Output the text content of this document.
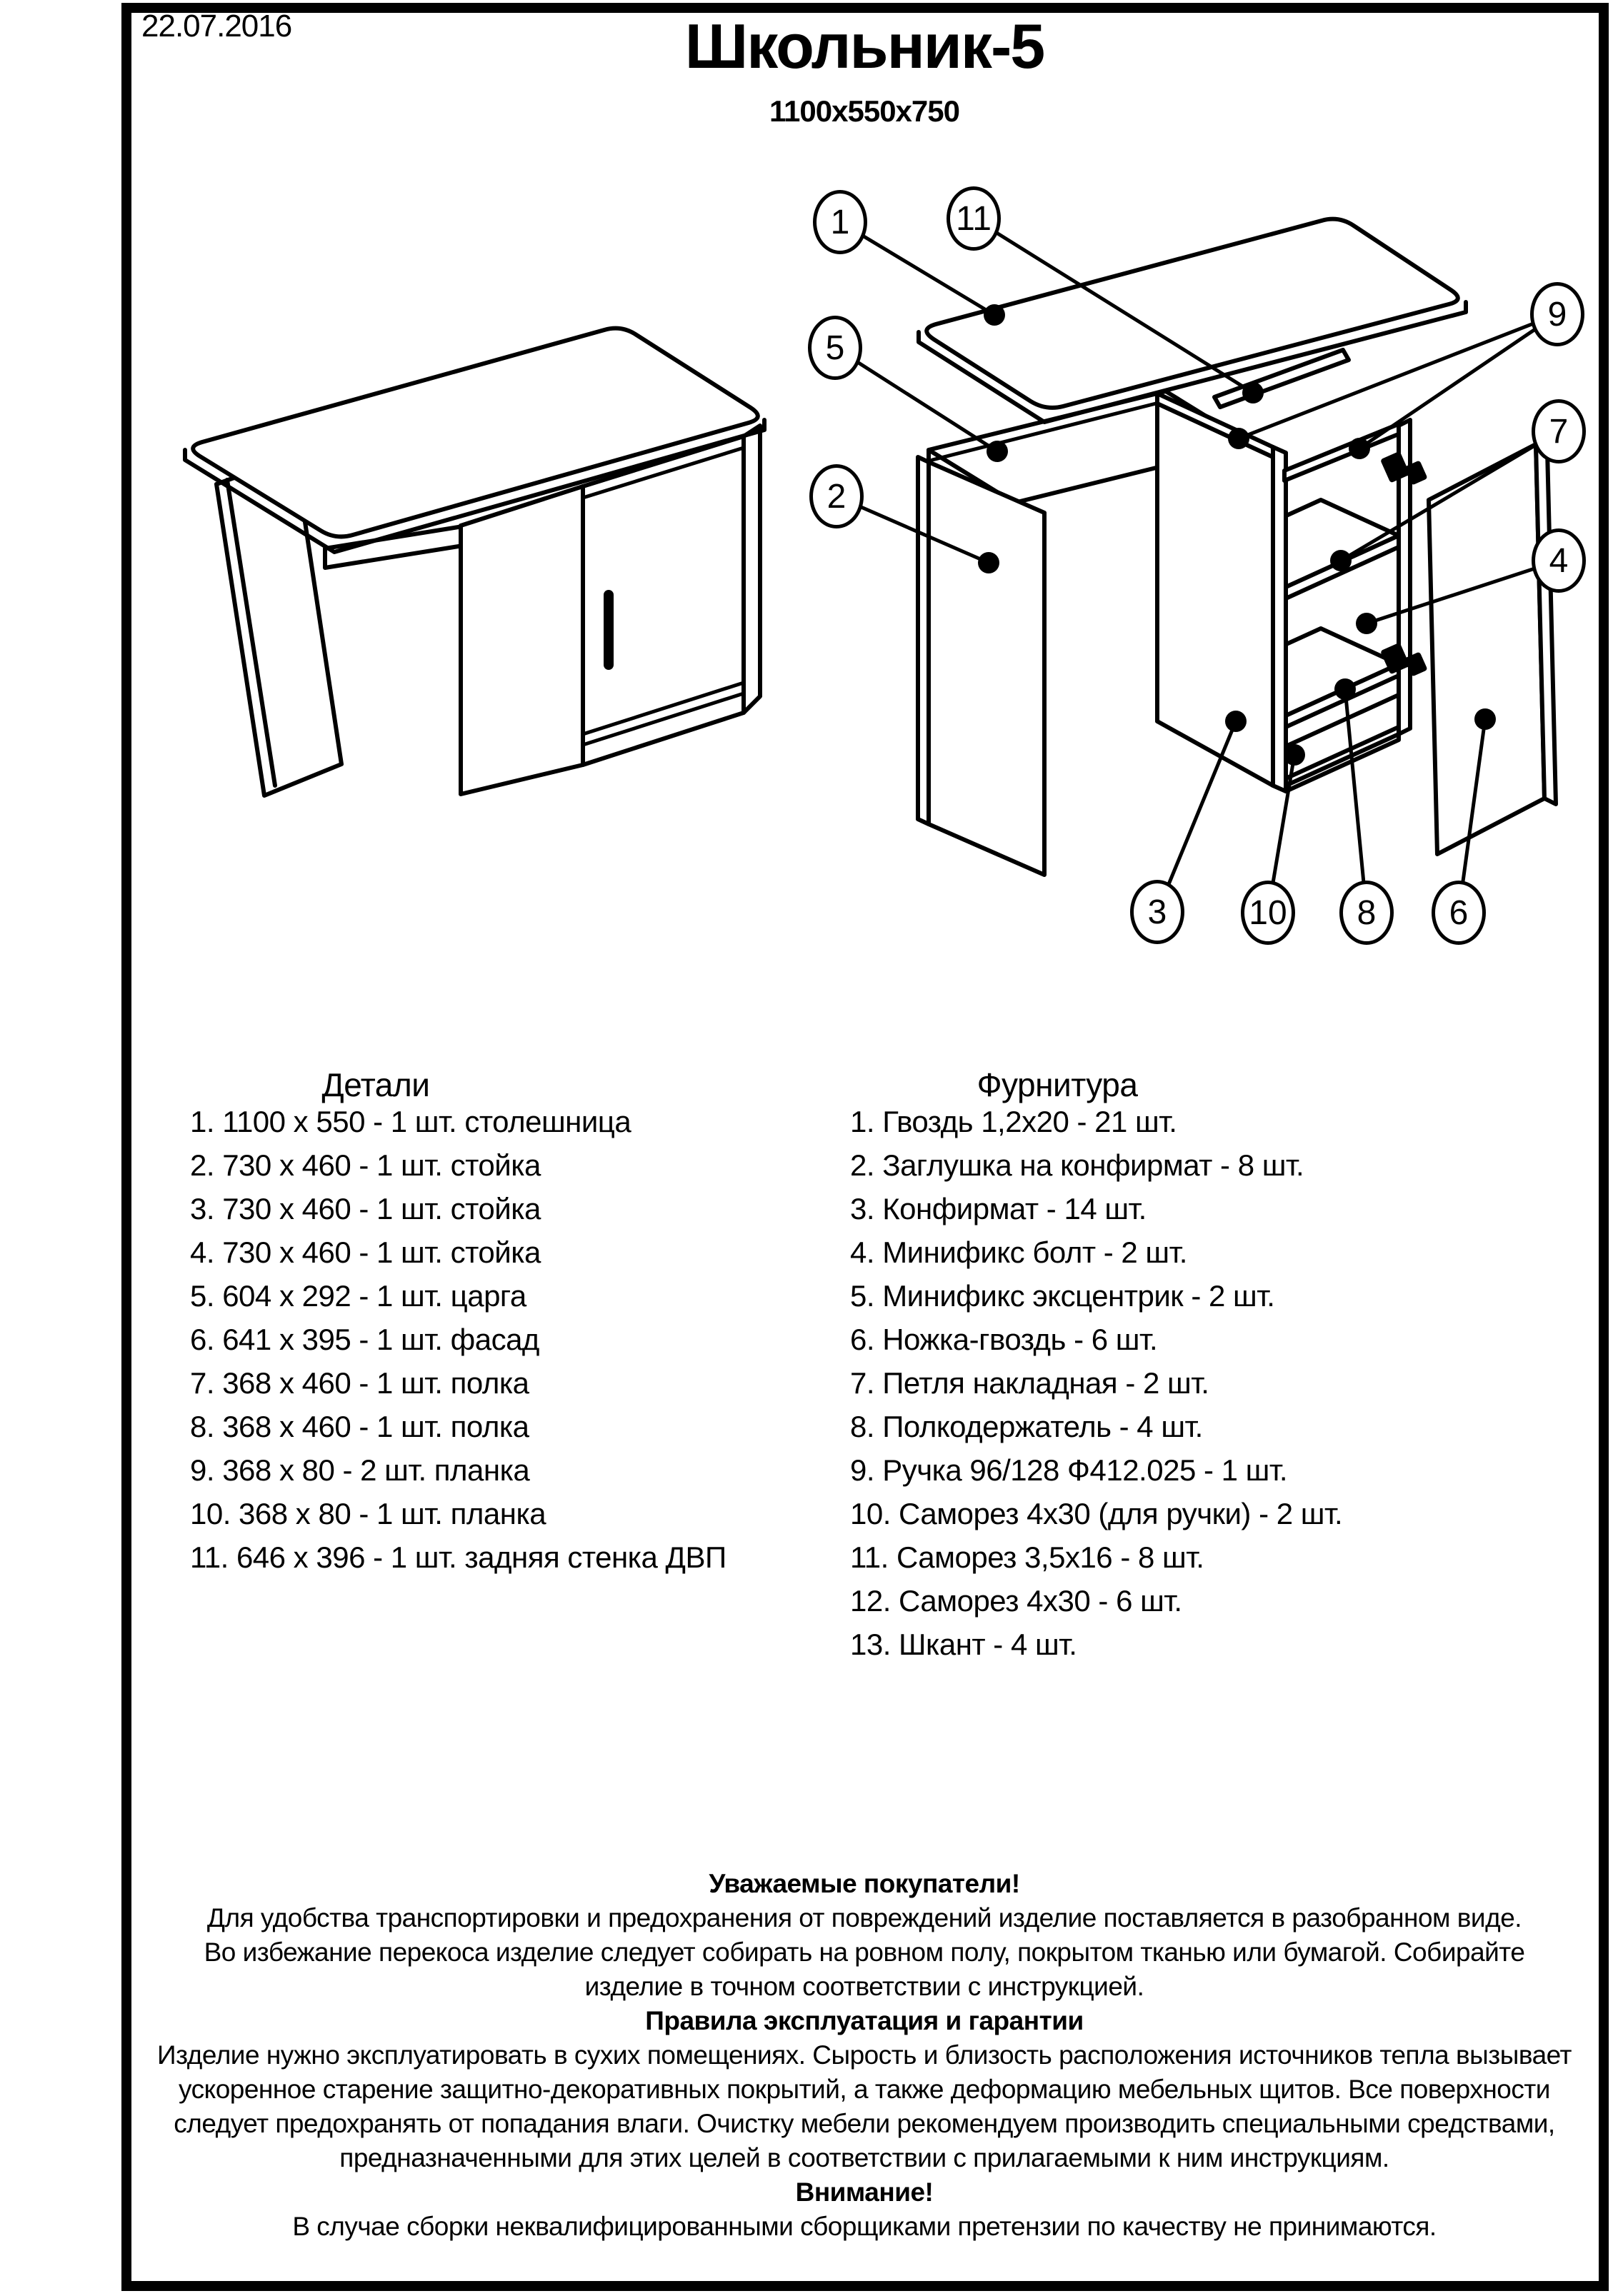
22.07.2016	Школьник-5
1100х550х750
1	11
9
5
7
2
4
3 10 8 6
Детали
1. 1100 х 550 - 1 шт. столешница
2. 730 х 460 - 1 шт. стойка
3. 730 х 460 - 1 шт. стойка
4. 730 х 460 - 1 шт. стойка
5. 604 х 292 - 1 шт. царга
6. 641 х 395 - 1 шт. фасад
7. 368 х 460 - 1 шт. полка
8. 368 х 460 - 1 шт. полка
9. 368 х 80 - 2 шт. планка
10. 368 х 80 - 1 шт. планка
11. 646 х 396 - 1 шт. задняя стенка ДВП
Фурнитура
1. Гвоздь 1,2х20 - 21 шт.
2. Заглушка на конфирмат - 8 шт.
3. Конфирмат - 14 шт.
4. Минификс болт - 2 шт.
5. Минификс эксцентрик - 2 шт.
6. Ножка-гвоздь - 6 шт.
7. Петля накладная - 2 шт.
8. Полкодержатель - 4 шт.
9. Ручка 96/128 Ф412.025 - 1 шт.
10. Саморез 4х30 (для ручки) - 2 шт.
11. Саморез 3,5х16 - 8 шт.
12. Саморез 4х30 - 6 шт.
13. Шкант - 4 шт.
Уважаемые покупатели!
Для удобства транспортировки и предохранения от повреждений изделие поставляется в разобранном виде.
Во избежание перекоса изделие следует собирать на ровном полу, покрытом тканью или бумагой. Собирайте
изделие в точном соответствии с инструкцией.
Правила эксплуатация и гарантии
Изделие нужно эксплуатировать в сухих помещениях. Сырость и близость расположения источников тепла вызывает
ускоренное старение защитно-декоративных покрытий, а также деформацию мебельных щитов. Все поверхности
следует предохранять от попадания влаги. Очистку мебели рекомендуем производить специальными средствами,
предназначенными для этих целей в соответствии с прилагаемыми к ним инструкциям.
Внимание!
В случае сборки неквалифицированными сборщиками претензии по качеству не принимаются.
